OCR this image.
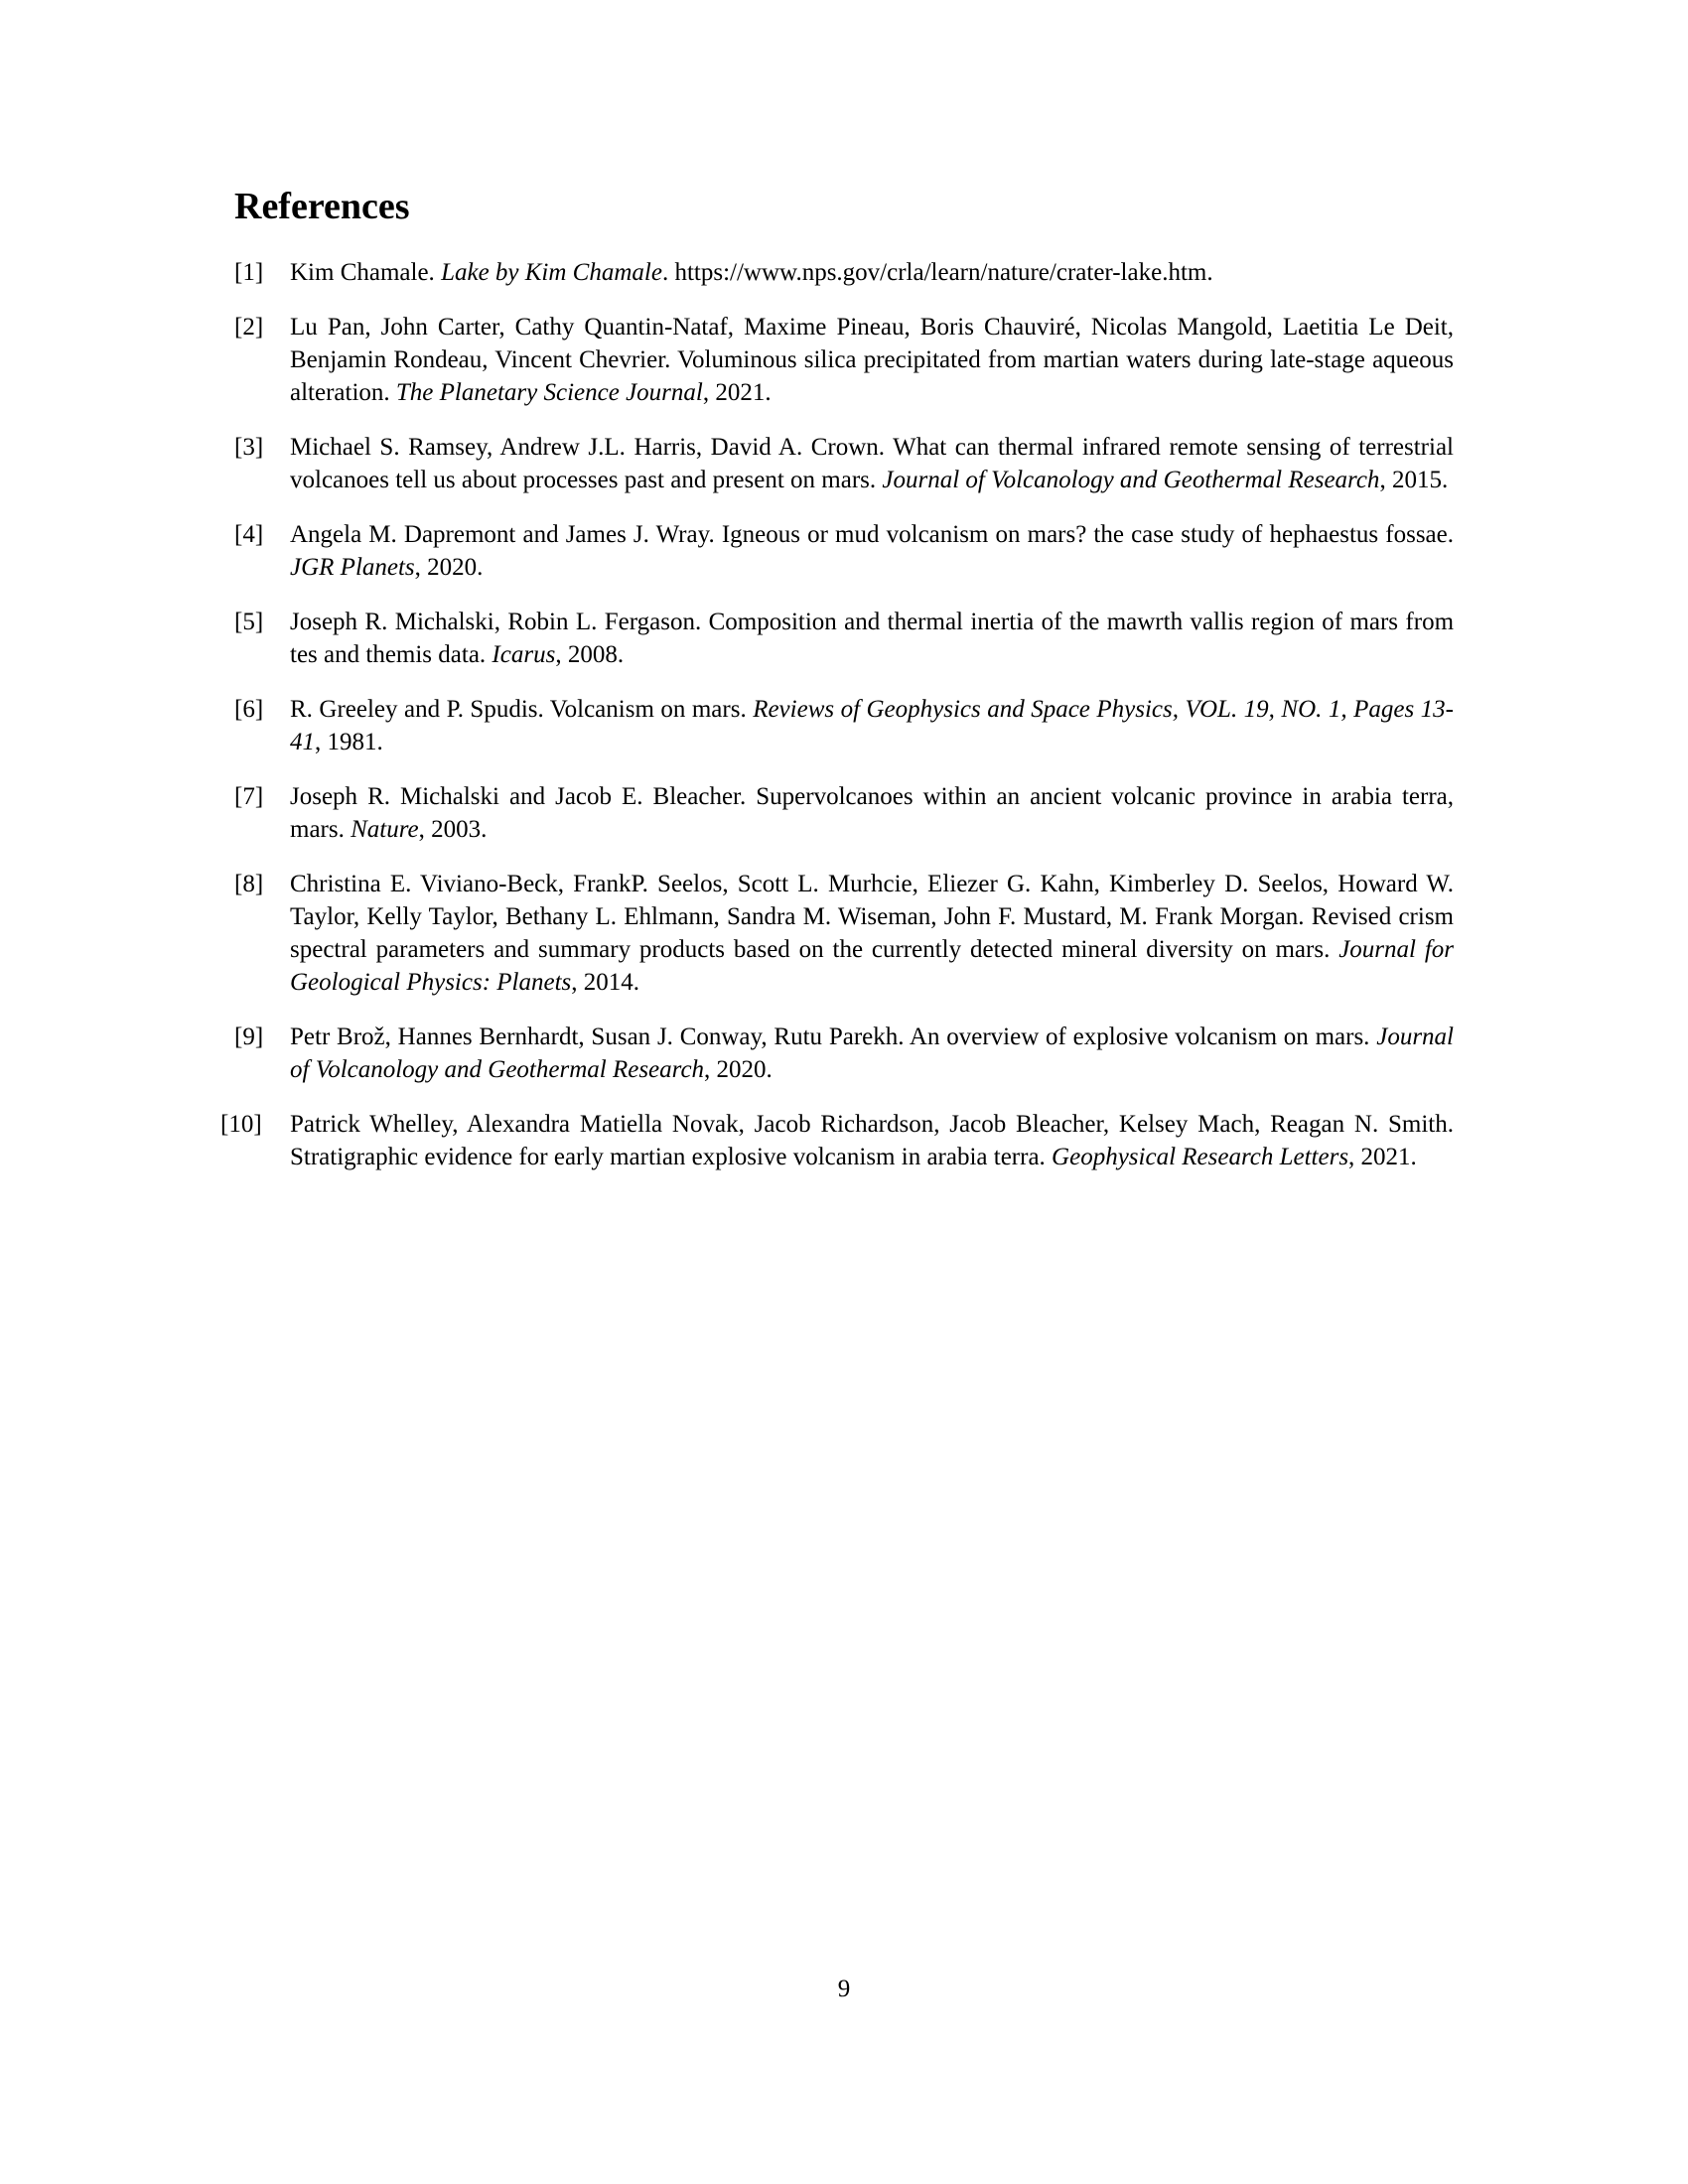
References
[1]	Kim Chamale. Lake by Kim Chamale. https://www.nps.gov/crla/learn/nature/crater-lake.htm.
[2]	Lu Pan, John Carter, Cathy Quantin-Nataf, Maxime Pineau, Boris Chauviré, Nicolas Mangold, Laetitia Le Deit, Benjamin Rondeau, Vincent Chevrier. Voluminous silica precipitated from martian waters during late-stage aqueous alteration. The Planetary Science Journal, 2021.
[3]	Michael S. Ramsey, Andrew J.L. Harris, David A. Crown. What can thermal infrared remote sensing of terrestrial volcanoes tell us about processes past and present on mars. Journal of Volcanology and Geothermal Research, 2015.
[4]	Angela M. Dapremont and James J. Wray. Igneous or mud volcanism on mars? the case study of hephaestus fossae. JGR Planets, 2020.
[5]	Joseph R. Michalski, Robin L. Fergason. Composition and thermal inertia of the mawrth vallis region of mars from tes and themis data. Icarus, 2008.
[6]	R. Greeley and P. Spudis. Volcanism on mars. Reviews of Geophysics and Space Physics, VOL. 19, NO. 1, Pages 13-41, 1981.
[7]	Joseph R. Michalski and Jacob E. Bleacher. Supervolcanoes within an ancient volcanic province in arabia terra, mars. Nature, 2003.
[8]	Christina E. Viviano-Beck, FrankP. Seelos, Scott L. Murhcie, Eliezer G. Kahn, Kimberley D. Seelos, Howard W. Taylor, Kelly Taylor, Bethany L. Ehlmann, Sandra M. Wiseman, John F. Mustard, M. Frank Morgan. Revised crism spectral parameters and summary products based on the currently detected mineral diversity on mars. Journal for Geological Physics: Planets, 2014.
[9]	Petr Brož, Hannes Bernhardt, Susan J. Conway, Rutu Parekh. An overview of explosive volcanism on mars. Journal of Volcanology and Geothermal Research, 2020.
[10]	Patrick Whelley, Alexandra Matiella Novak, Jacob Richardson, Jacob Bleacher, Kelsey Mach, Reagan N. Smith. Stratigraphic evidence for early martian explosive volcanism in arabia terra. Geophysical Research Letters, 2021.
9
